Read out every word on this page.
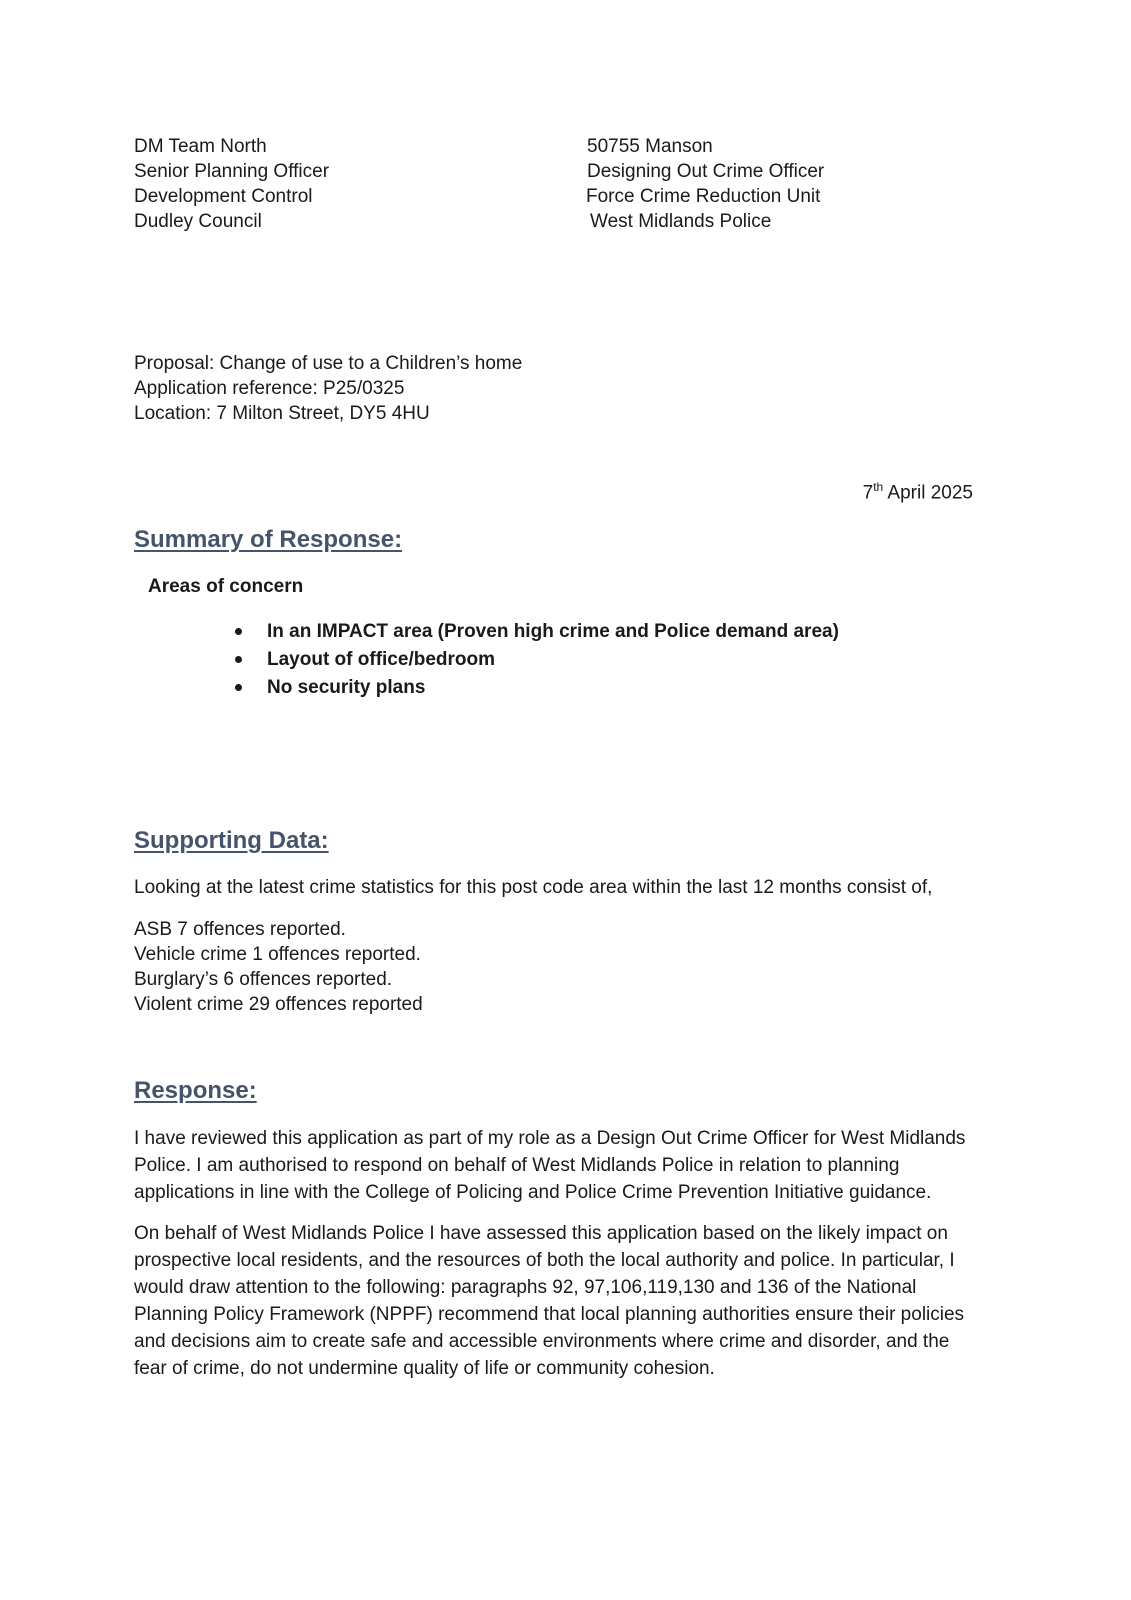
DM Team North
Senior Planning Officer
Development Control
Dudley Council
50755 Manson
Designing Out Crime Officer
Force Crime Reduction Unit
West Midlands Police
Proposal: Change of use to a Children’s home
Application reference: P25/0325
Location: 7 Milton Street, DY5 4HU
7th April 2025
Summary of Response:
Areas of concern
In an IMPACT area (Proven high crime and Police demand area)
Layout of office/bedroom
No security plans
Supporting Data:
Looking at the latest crime statistics for this post code area within the last 12 months consist of,
ASB 7 offences reported.
Vehicle crime 1 offences reported.
Burglary’s 6 offences reported.
Violent crime 29 offences reported
Response:

I have reviewed this application as part of my role as a Design Out Crime Officer for West Midlands Police. I am authorised to respond on behalf of West Midlands Police in relation to planning applications in line with the College of Policing and Police Crime Prevention Initiative guidance.

On behalf of West Midlands Police I have assessed this application based on the likely impact on prospective local residents, and the resources of both the local authority and police. In particular, I would draw attention to the following: paragraphs 92, 97,106,119,130 and 136 of the National Planning Policy Framework (NPPF) recommend that local planning authorities ensure their policies and decisions aim to create safe and accessible environments where crime and disorder, and the fear of crime, do not undermine quality of life or community cohesion.
